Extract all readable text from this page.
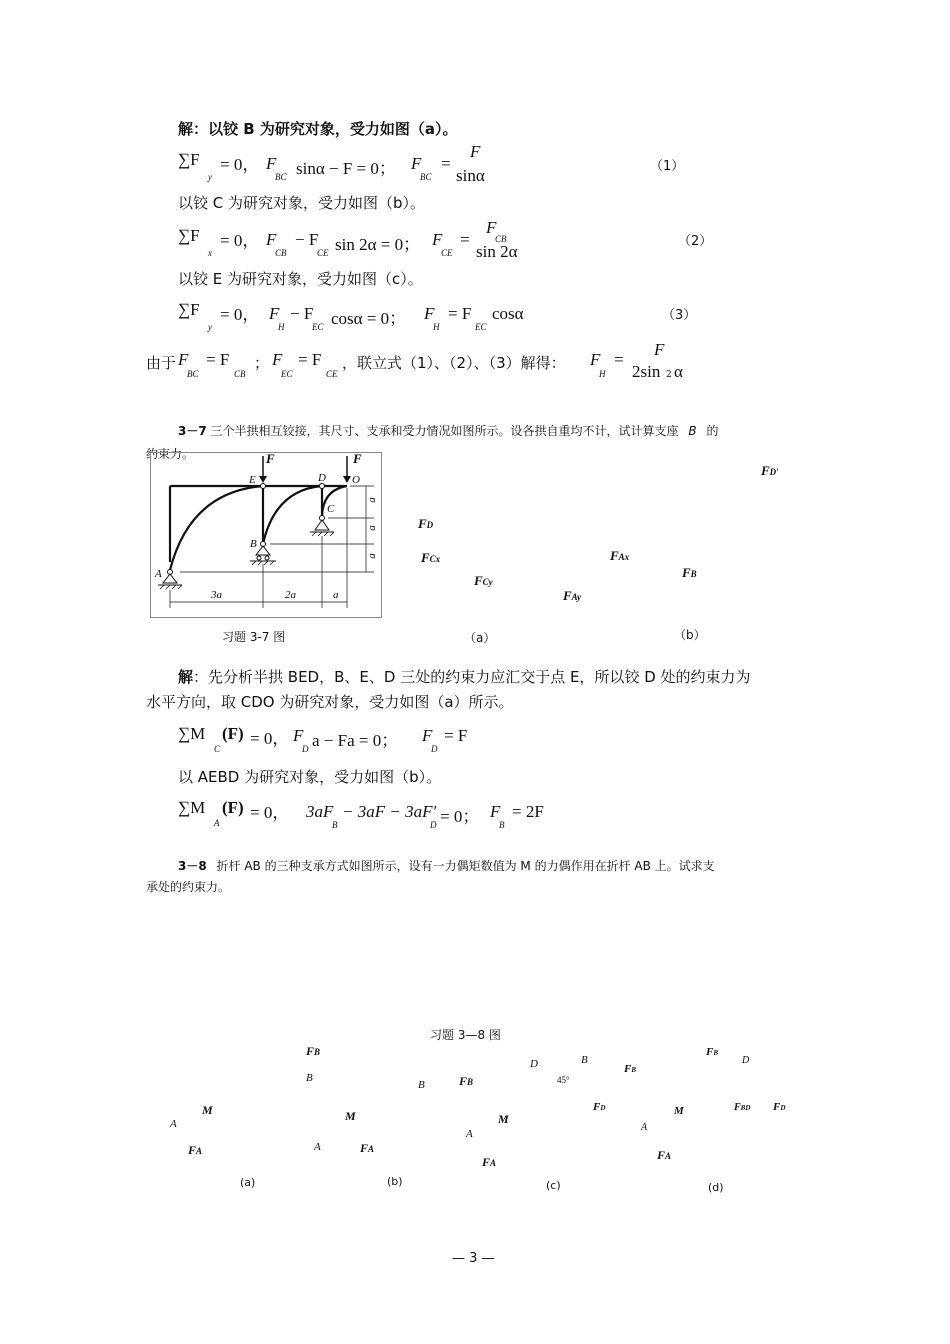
解：以铰 B 为研究对象，受力如图（a）。
∑F
y
= 0， F
BC sinα − F = 0； F
BC
=
F
sinα	（1）
以铰 C 为研究对象，受力如图（b）。
∑F
x
= 0， F
CB
− F
CE sin 2α = 0； F
CE
=
F
CB
sin 2α
（2）
以铰 E 为研究对象，受力如图（c）。
∑F
y
= 0， F
H
− F
EC cosα = 0； F
H
= F
EC
cosα	（3）
由于 F
BC
= F
CB
； F
EC
= F
CE
，联立式（1）、（2）、（3）解得： F
H
=
F
2sin 2 α
3－7 三个半拱相互铰接，其尺寸、支承和受力情况如图所示。设各拱自重均不计，试计算支座 B 的
约束力。	F	F
E	D O
C
B
A
a
a
a
3a	2a	a
习题 3-7 图	（a）	（b）
FD
FCx
FCy
FD′
FAx
FB
FAy
解：先分析半拱 BED，B、E、D 三处的约束力应汇交于点 E，所以铰 D 处的约束力为
水平方向，取 CDO 为研究对象，受力如图（a）所示。
∑M
C
(F) = 0， F
D a − Fa = 0； F
D
= F
以 AEBD 为研究对象，受力如图（b）。
∑M
A
(F) = 0， 3aF
B
− 3aF − 3aF′
D = 0； F
B
= 2F
3－8 折杆 AB 的三种支承方式如图所示，设有一力偶矩数值为 M 的力偶作用在折杆 AB 上。试求支
承处的约束力。
习题 3—8 图
M
A
FA
(a)
FB
B
M
A	FA
(b)
B	FB
D	B
45°
FB
M
FD
A
FA
(c)
FB
D
M	FBD FD
A
FA
(d)
— 3 —
